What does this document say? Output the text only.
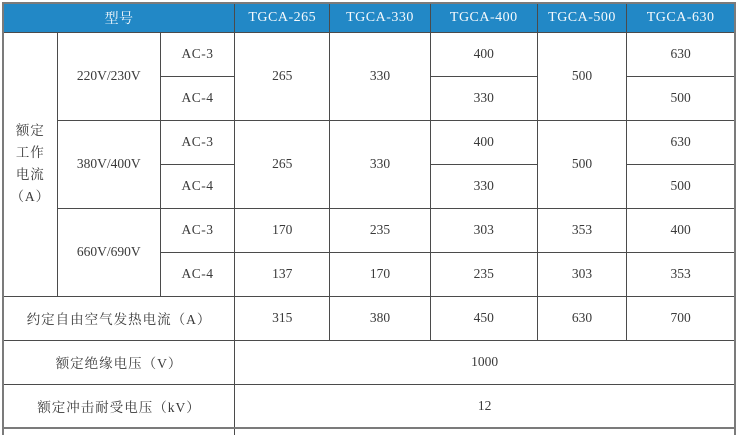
型号			TGCA-265	TGCA-330	TGCA-400	TGCA-500	TGCA-630

额定
工作
电流
（A）	220V/230V	AC-3	265	330	400	500	630
		AC-4			330		500
	380V/400V	AC-3	265	330	400	500	630
		AC-4			330		500
	660V/690V	AC-3	170	235	303	353	400
		AC-4	137	170	235	303	353
约定自由空气发热电流（A）			315	380	450	630	700
额定绝缘电压（V）			1000				
额定冲击耐受电压（kV）			12				
